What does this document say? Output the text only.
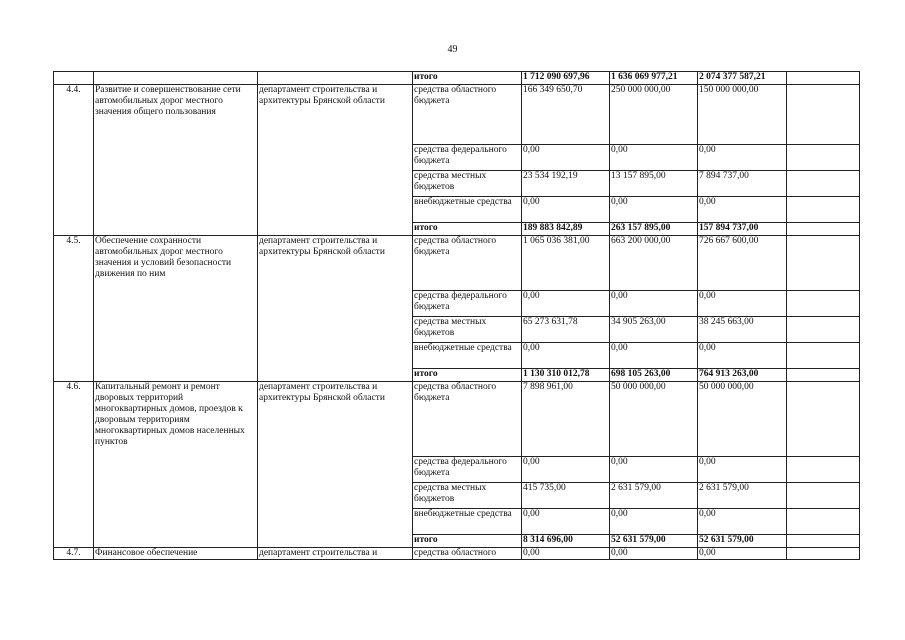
49
			итого	1 712 090 697,96	1 636 069 977,21	2 074 377 587,21	
4.4.	Развитие и совершенствование сети автомобильных дорог местного значения общего пользования	департамент строительства и архитектуры Брянской области	средства областного бюджета	166 349 650,70	250 000 000,00	150 000 000,00	
			средства федерального бюджета	0,00	0,00	0,00	
			средства местных бюджетов	23 534 192,19	13 157 895,00	7 894 737,00	
			внебюджетные средства	0,00	0,00	0,00	
			итого	189 883 842,89	263 157 895,00	157 894 737,00	
4.5.	Обеспечение сохранности автомобильных дорог местного значения и условий безопасности движения по ним	департамент строительства и архитектуры Брянской области	средства областного бюджета	1 065 036 381,00	663 200 000,00	726 667 600,00	
			средства федерального бюджета	0,00	0,00	0,00	
			средства местных бюджетов	65 273 631,78	34 905 263,00	38 245 663,00	
			внебюджетные средства	0,00	0,00	0,00	
			итого	1 130 310 012,78	698 105 263,00	764 913 263,00	
4.6.	Капитальный ремонт и ремонт дворовых территорий многоквартирных домов, проездов к дворовым территориям многоквартирных домов населенных пунктов	департамент строительства и архитектуры Брянской области	средства областного бюджета	7 898 961,00	50 000 000,00	50 000 000,00	
			средства федерального бюджета	0,00	0,00	0,00	
			средства местных бюджетов	415 735,00	2 631 579,00	2 631 579,00	
			внебюджетные средства	0,00	0,00	0,00	
			итого	8 314 696,00	52 631 579,00	52 631 579,00	
4.7.	Финансовое обеспечение	департамент строительства и	средства областного	0,00	0,00	0,00	
